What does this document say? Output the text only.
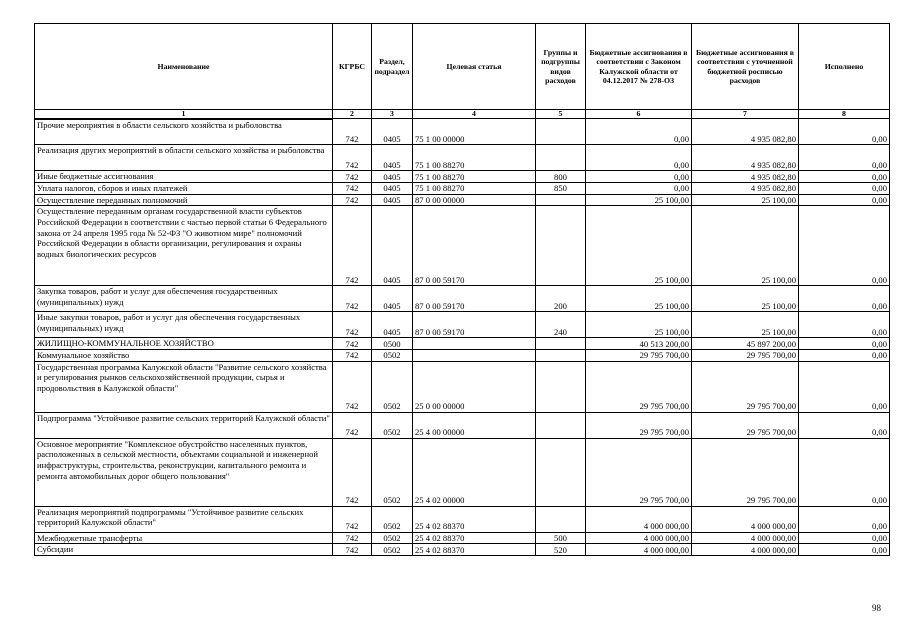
Наименование	КГРБС	Раздел, подраздел	Целевая статья	Группы и подгруппы видов расходов	Бюджетные ассигнования в соответствии с Законом Калужской области от 04.12.2017 № 278-ОЗ	Бюджетные ассигнования в соответствии с уточненной бюджетной росписью расходов	Исполнено
1	2	3	4	5	6	7	8
Прочие мероприятия в области сельского хозяйства и рыболовства	742	0405	75 1 00 00000		0,00	4 935 082,80	0,00
Реализация других мероприятий в области сельского хозяйства и рыболовства	742	0405	75 1 00 88270		0,00	4 935 082,80	0,00
Иные бюджетные ассигнования	742	0405	75 1 00 88270	800	0,00	4 935 082,80	0,00
Уплата налогов, сборов и иных платежей	742	0405	75 1 00 88270	850	0,00	4 935 082,80	0,00
Осуществление переданных полномочий	742	0405	87 0 00 00000		25 100,00	25 100,00	0,00
Осуществление переданным органам государственной власти субъектов Российской Федерации в соответствии с частью первой статьи 6 Федерального закона от 24 апреля 1995 года № 52-ФЗ "О животном мире" полномочий Российской Федерации в области организации, регулирования и охраны водных биологических ресурсов	742	0405	87 0 00 59170		25 100,00	25 100,00	0,00
Закупка товаров, работ и услуг для обеспечения государственных (муниципальных) нужд	742	0405	87 0 00 59170	200	25 100,00	25 100,00	0,00
Иные закупки товаров, работ и услуг для обеспечения государственных (муниципальных) нужд	742	0405	87 0 00 59170	240	25 100,00	25 100,00	0,00
ЖИЛИЩНО-КОММУНАЛЬНОЕ ХОЗЯЙСТВО	742	0500			40 513 200,00	45 897 200,00	0,00
Коммунальное хозяйство	742	0502			29 795 700,00	29 795 700,00	0,00
Государственная программа Калужской области "Развитие сельского хозяйства и регулирования рынков сельскохозяйственной продукции, сырья и продовольствия в Калужской области"	742	0502	25 0 00 00000		29 795 700,00	29 795 700,00	0,00
Подпрограмма "Устойчивое развитие сельских территорий Калужской области"	742	0502	25 4 00 00000		29 795 700,00	29 795 700,00	0,00
Основное мероприятие "Комплексное обустройство населенных пунктов, расположенных в сельской местности, объектами социальной и инженерной инфраструктуры, строительства, реконструкции, капитального ремонта и ремонта автомобильных дорог общего пользования"	742	0502	25 4 02 00000		29 795 700,00	29 795 700,00	0,00
Реализация мероприятий подпрограммы "Устойчивое развитие сельских территорий Калужской области"	742	0502	25 4 02 88370		4 000 000,00	4 000 000,00	0,00
Межбюджетные трансферты	742	0502	25 4 02 88370	500	4 000 000,00	4 000 000,00	0,00
Субсидии	742	0502	25 4 02 88370	520	4 000 000,00	4 000 000,00	0,00
98
